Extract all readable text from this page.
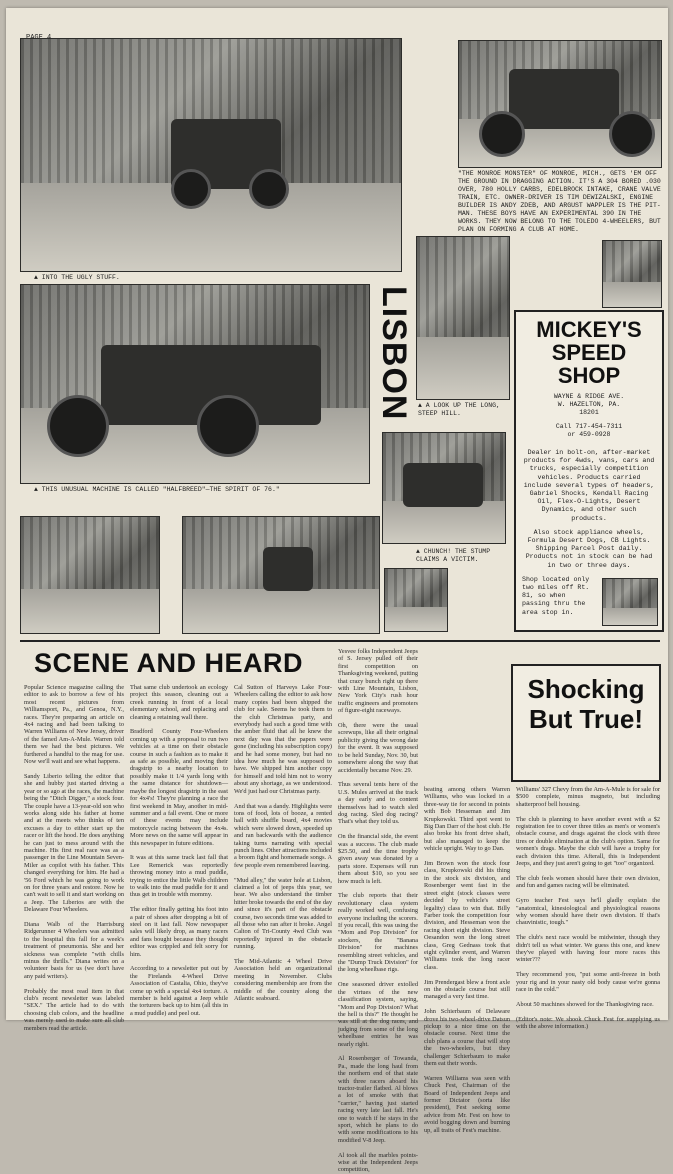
▲ INTO THE UGLY STUFF.
"THE MONROE MONSTER" OF MONROE, MICH., GETS 'EM OFF THE GROUND IN DRAGGING ACTION. IT'S A 304 BORED .030 OVER, 780 HOLLY CARBS, EDELBROCK INTAKE, CRANE VALVE TRAIN, ETC. OWNER-DRIVER IS TIM DEWIZALSKI, ENGINE BUILDER IS ANDY ZDEB, AND ARGUST WAPPLER IS THE PIT-MAN. THESE BOYS HAVE AN EXPERIMENTAL 390 IN THE WORKS. THEY NOW BELONG TO THE TOLEDO 4-WHEELERS, BUT PLAN ON FORMING A CLUB AT HOME.
LISBON
▲ THIS UNUSUAL MACHINE IS CALLED "HALFBREED"—THE SPIRIT OF 76."
▲ A LOOK UP THE LONG, STEEP HILL.
MICKEY'S
SPEED
SHOP
WAYNE & RIDGE AVE.
W. HAZELTON, PA.
18201
Call 717-454-7311
or 459-0928
Dealer in bolt-on, after-market products for 4wds, vans, cars and trucks, especially competition vehicles. Products carried include several types of headers, Gabriel Shocks, Kendall Racing Oil, Flex-O-Lights, Desert Dynamics, and other such products.
Also stock appliance wheels, Formula Desert Dogs, CB Lights. Shipping Parcel Post daily. Products not in stock can be had in two or three days.
Shop located only two miles off Rt. 81, so when passing thru the area stop in.
▲ CHUNCH! THE STUMP CLAIMS A VICTIM.
SCENE AND HEARD
Shocking But True!
Popular Science magazine calling the editor to ask to borrow a few of his most recent pictures from Williamsport, Pa., and Genoa, N.Y., races. They're preparing an article on 4x4 racing and had been talking to Warren Williams of New Jersey, driver of the famed Am-A-Mule. Warren told them we had the best pictures. We furthered a handful to the mag for use. Now we'll wait and see what happens.

Sandy Liberio telling the editor that she and hubby just started driving a year or so ago at the races, the machine being the "Ditch Digger," a stock four. The couple have a 13-year-old son who works along side his father at home and at the meets who thinks of ten excuses a day to either start up the racer or lift the hood. He does anything he can just to mess around with the machine. His first real race was as a passenger in the Line Mountain Seven-Miler as copilot with his father. This changed everything for him. He had a '56 Ford which he was going to work on for three years and restore. Now he can't wait to sell it and start working on a Jeep. The Liberios are with the Delaware Four Wheelers.

Diana Walb of the Harrisburg Ridgerunner 4 Wheelers was admitted to the hospital this fall for a week's treatment of pneumonia. She and her sickness was complete "with chills minus the thrills." Diana writes on a volunteer basis for us (we don't have any paid writers).

Probably the most read item in that club's recent newsletter was labeled "SEX." The article had to do with choosing club colors, and the headline was merely used to make sure all club members read the article.
That same club undertook an ecology project this season, cleaning out a creek running in front of a local elementary school, and replacing and cleaning a retaining wall there.

Bradford County Four-Wheelers coming up with a proposal to run two vehicles at a time on their obstacle course in such a fashion as to make it as safe as possible, and moving their dragstrip to a nearby location to possibly make it 1/4 yards long with the same distance for shutdown—maybe the longest dragstrip in the east for 4x4's! They're planning a race the first weekend in May, another in mid-summer and a fall event. One or more of these events may include motorcycle racing between the 4x4s. More news on the same will appear in this newspaper in future editions.

It was at this same track last fall that Lee Remerick was reportedly throwing money into a mud puddle, trying to entice the little Walb children to walk into the mud puddle for it and thus get in trouble with mommy.

The editor finally getting his foot into a pair of shoes after dropping a bit of steel on it last fall. Now newspaper sales will likely drop, as many racers and fans bought because they thought editor was crippled and felt sorry for him.

According to a newsletter put out by the Firelands 4-Wheel Drive Association of Castalia, Ohio, they've come up with a special 4x4 torture. A member is held against a Jeep while the torturers back up to him (all this in a mud puddle) and peel out.
Cal Sutton of Harveys Lake Four-Wheelers calling the editor to ask how many copies had been shipped the club for sale. Seems he took them to the club Christmas party, and everybody had such a good time with the amber fluid that all he knew the next day was that the papers were gone (including his subscription copy) and he had some money, but had no idea how much he was supposed to have. We shipped him another copy for himself and told him not to worry about any shortage, as we understood. We'd just had our Christmas party.

And that was a dandy. Highlights were tons of food, lots of booze, a rented hall with shuffle board, 4x4 movies which were slowed down, speeded up and ran backwards with the audience taking turns narrating with special punch lines. Other attractions included a broom fight and homemade songs. A few people even remembered leaving.

"Mud alley," the water hole at Lisbon, claimed a lot of jeeps this year, we hear. We also understand the timber hitter broke towards the end of the day and since it's part of the obstacle course, two seconds time was added to all those who ran after it broke. Angel Calton of Tri-County 4wd Club was reportedly injured in the obstacle running.

The Mid-Atlantic 4 Wheel Drive Association held an organizational meeting in November. Clubs considering membership are from the middle of the country along the Atlantic seaboard.
Yesvee folks Independent Jeeps of S. Jersey pulled off their first competition on Thanksgiving weekend, putting that crazy bunch right up there with Line Mountain, Lisbon, New York City's rush hour traffic engineers and promoters of figure-eight raceways.

Oh, there were the usual screwups, like all their original publicity giving the wrong date for the event. It was supposed to be held Sunday, Nov. 30, but somewhere along the way that accidentally became Nov. 29.

Thus several tents here of the U.S. Mules arrived at the track a day early and to content themselves had to watch sled dog racing. Sled dog racing? That's what they told us.

On the financial side, the event was a success. The club made $25.50, and the time trophy given away was donated by a parts store. Expenses will run them about $10, so you see how much is left.

The club reports that their revolutionary class system really worked well, confusing everyone including the scorers. If you recall, this was using the "Mom and Pop Division" for stockers, the "Banana Division" for machines resembling street vehicles, and the "Dump Truck Division" for the long wheelbase rigs.

One seasoned driver extolled the virtues of the new classification system, saying, "Mom and Pop Division? What the hell is this?" He thought he was still at the dog races, and judging from some of the long wheelbase entries he was nearly right.

Al Rosenberger of Towanda, Pa., made the long haul from the northern end of that state with three racers aboard his tractor-trailer flatbed. Al blows a lot of smoke with that "carrier," having just started racing very late last fall. He's one to watch if he stays in the sport, which he plans to do with some modifications to his modified V-8 Jeep.

Al took all the marbles points-wise at the Independent Jeeps competition,
beating among others Warren Williams, who was locked in a three-way tie for second in points with Bob Hesseman and Jim Krupkowski. Third spot went to Big Dan Darr of the host club. He also broke his front drive shaft, but also managed to keep the vehicle upright. Way to go Dan.

Jim Brown won the stock four class, Krupkowski did his thing in the stock six division, and Rosenberger went fast in the street eight (stock classes were decided by vehicle's street legality) class to win that. Billy Farber took the competition four division, and Hesseman won the racing short eight division. Steve Oesandon won the long street class, Greg Gednass took that eight cylinder event, and Warren Williams took the long racer class.

Jim Prendergast blew a front axle on the obstacle course but still managed a very fast time.

John Schierbaum of Delaware drove his two-wheel-drive Datsun pickup to a nice time on the obstacle course. Next time the club plans a course that will stop the two-wheelers, but they challenger Schierbaum to make them eat their words.

Warren Williams was seen with Chuck Fest, Chairman of the Board of Independent Jeeps and former Dictator (sorta like president), Fest seeking some advice from Mr. Fest on how to avoid bogging down and burning up, all traits of Fest's machine.
Williams' 327 Chevy from the Am-A-Mule is for sale for $500 complete, minus magneto, but including shatterproof bell housing.

The club is planning to have another event with a $2 registration fee to cover three titles as men's or women's obstacle course, and drags against the clock with three tires or double elimination at the club's option. Same for women's drags. Maybe the club will have a trophy for each division this time. Afterall, this is Independent Jeeps, and they just aren't going to get "too" organized.

The club feels women should have their own division, and fun and games racing will be eliminated.

Gyro teacher Fest says he'll gladly explain the "anatomical, kinesiological and physiological reasons why women should have their own division. If that's chauvinistic, tough."

The club's next race would be midwinter, though they didn't tell us what winter. We guess this one, and knew they've played with having four more races this winter???

They recommend you, "put some anti-freeze in both your rig and in your nasty old body cause we're gonna race in the cold."

About 50 machines showed for the Thanksgiving race.

(Editor's note: We shook Chuck Fest for supplying us with the above information.)
